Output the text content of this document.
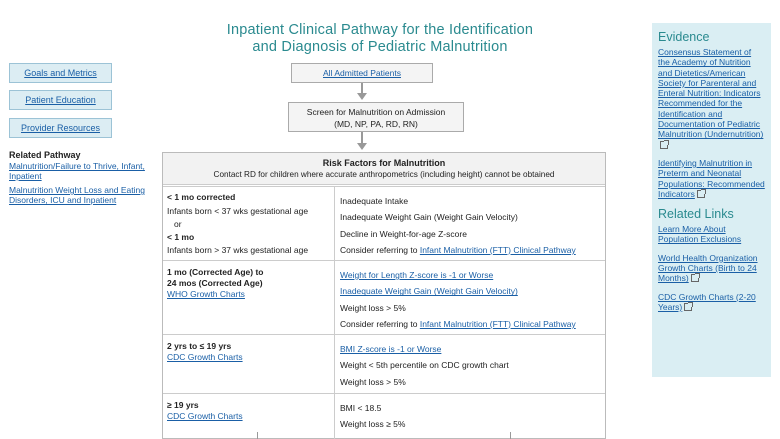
Inpatient Clinical Pathway for the Identification
and Diagnosis of Pediatric Malnutrition
Goals and Metrics
Patient Education
Provider Resources
Related Pathway
Malnutrition/Failure to Thrive, Infant, Inpatient
Malnutrition Weight Loss and Eating Disorders, ICU and Inpatient
All Admitted Patients
Screen for Malnutrition on Admission
(MD, NP, PA, RD, RN)
Risk Factors for Malnutrition
Contact RD for children where accurate anthropometrics (including height) cannot be obtained
< 1 mo corrected
Infants born < 37 wks gestational age
or
< 1 mo
Infants born > 37 wks gestational age
Inadequate Intake
Inadequate Weight Gain (Weight Gain Velocity)
Decline in Weight-for-age Z-score
Consider referring to Infant Malnutrition (FTT) Clinical Pathway
1 mo (Corrected Age) to
24 mos (Corrected Age)
WHO Growth Charts
Weight for Length Z-score is -1 or Worse
Inadequate Weight Gain (Weight Gain Velocity)
Weight loss > 5%
Consider referring to Infant Malnutrition (FTT) Clinical Pathway
2 yrs to ≤ 19 yrs
CDC Growth Charts
BMI Z-score is -1 or Worse
Weight < 5th percentile on CDC growth chart
Weight loss > 5%
≥ 19 yrs
CDC Growth Charts
BMI < 18.5
Weight loss ≥ 5%
Evidence
Consensus Statement of the Academy of Nutrition and Dietetics/American Society for Parenteral and Enteral Nutrition: Indicators Recommended for the Identification and Documentation of Pediatric Malnutrition (Undernutrition)
Identifying Malnutrition in Preterm and Neonatal Populations: Recommended Indicators
Related Links
Learn More About Population Exclusions
World Health Organization Growth Charts (Birth to 24 Months)
CDC Growth Charts (2-20 Years)
